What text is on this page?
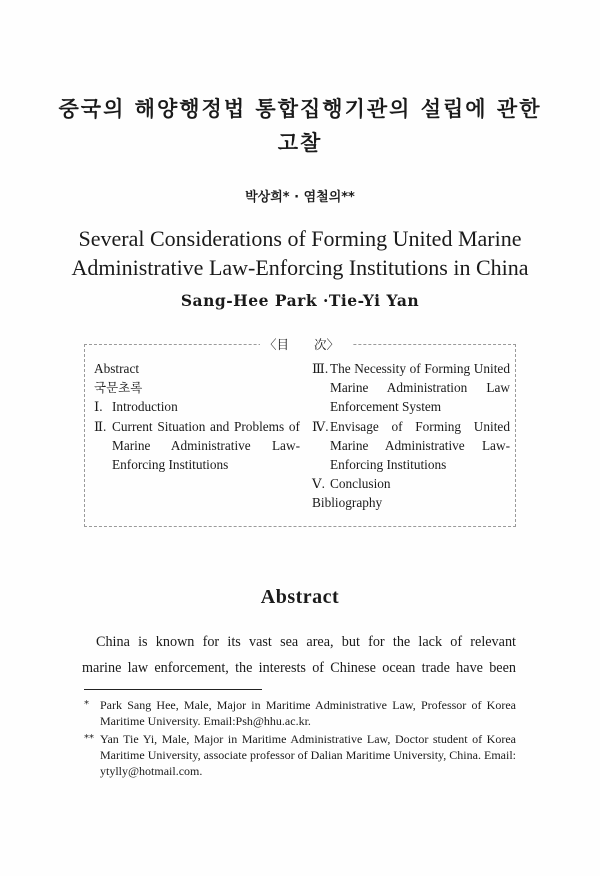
중국의 해양행정법 통합집행기관의 설립에 관한
고찰
박상희* · 염철의**
Several Considerations of Forming United Marine
Administrative Law-Enforcing Institutions in China
Sang-Hee Park ·Tie-Yi Yan
〈目 次〉

Abstract
국문초록
Ⅰ. Introduction
Ⅱ. Current Situation and Problems of Marine Administrative Law-Enforcing Institutions
Ⅲ. The Necessity of Forming United Marine Administration Law Enforcement System
Ⅳ. Envisage of Forming United Marine Administrative Law-Enforcing Institutions
Ⅴ. Conclusion
Bibliography
Abstract

China is known for its vast sea area, but for the lack of relevant

marine law enforcement, the interests of Chinese ocean trade have been

* Park Sang Hee, Male, Major in Maritime Administrative Law, Professor of Korea Maritime University. Email:Psh@hhu.ac.kr.
** Yan Tie Yi, Male, Major in Maritime Administrative Law, Doctor student of Korea Maritime University, associate professor of Dalian Maritime University, China. Email: ytylly@hotmail.com.
